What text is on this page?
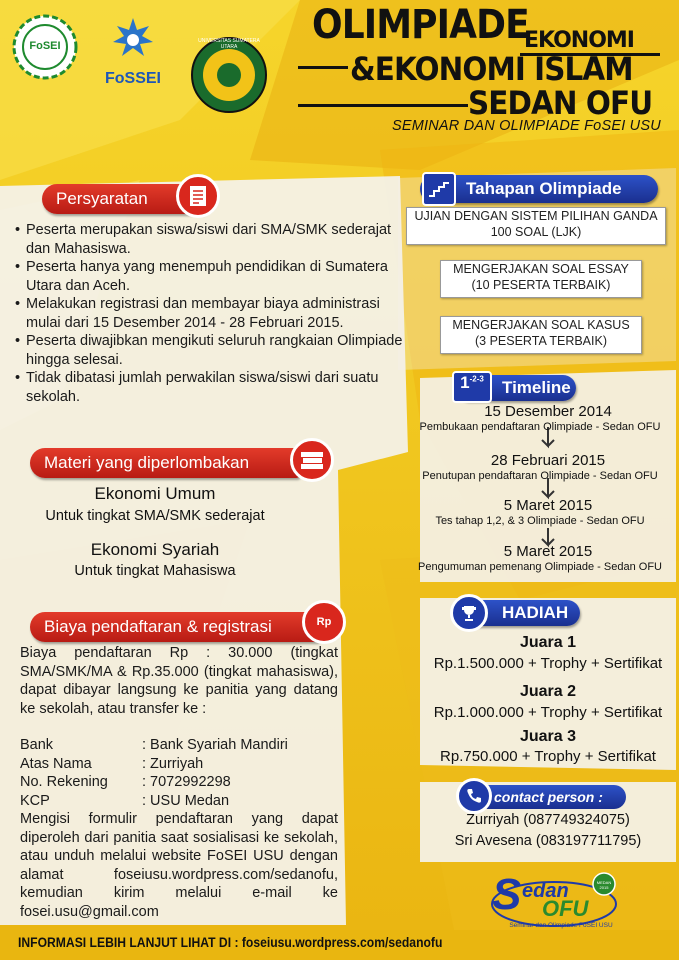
FoSEI
FoSSEI
UNIVERSITAS SUMATERA UTARA	OLIMPIADE
EKONOMI
&EKONOMI ISLAM
SEDAN OFU
SEMINAR DAN OLIMPIADE FoSEI USU
Persyaratan
• Peserta merupakan siswa/siswi dari SMA/SMK sederajat dan Mahasiswa.
• Peserta hanya yang menempuh pendidikan di Sumatera Utara dan Aceh.
• Melakukan registrasi dan membayar biaya administrasi mulai dari 15 Desember 2014 - 28 Februari 2015.
• Peserta diwajibkan mengikuti seluruh rangkaian Olimpiade hingga selesai.
• Tidak dibatasi jumlah perwakilan siswa/siswi dari suatu sekolah.
Materi yang diperlombakan
Ekonomi Umum
Untuk tingkat SMA/SMK sederajat
Ekonomi Syariah
Untuk tingkat Mahasiswa
Biaya pendaftaran & registrasi	Rp
Biaya pendaftaran Rp : 30.000 (tingkat SMA/SMK/MA & Rp.35.000 (tingkat mahasiswa), dapat dibayar langsung ke panitia yang datang ke sekolah, atau transfer ke :
Bank	: Bank Syariah Mandiri
Atas Nama	: Zurriyah
No. Rekening	: 7072992298
KCP	: USU Medan
Mengisi formulir pendaftaran yang dapat diperoleh dari panitia saat sosialisasi ke sekolah, atau unduh melalui website FoSEI USU dengan alamat foseiusu.wordpress.com/sedanofu, kemudian kirim melalui e-mail ke fosei.usu@gmail.com
Tahapan Olimpiade
UJIAN DENGAN SISTEM PILIHAN GANDA
100 SOAL (LJK)
MENGERJAKAN SOAL ESSAY
(10 PESERTA TERBAIK)
MENGERJAKAN SOAL KASUS
(3 PESERTA TERBAIK)
Timeline
$1^{-2-3}$
15 Desember 2014
Pembukaan pendaftaran Olimpiade - Sedan OFU
28 Februari 2015
Penutupan pendaftaran Olimpiade - Sedan OFU
5 Maret 2015
Tes tahap 1,2, & 3 Olimpiade - Sedan OFU
5 Maret 2015
Pengumuman pemenang Olimpiade - Sedan OFU
HADIAH
Juara 1
Rp.1.500.000 + Trophy + Sertifikat
Juara 2
Rp.1.000.000 + Trophy + Sertifikat
Juara 3
Rp.750.000 + Trophy + Sertifikat
contact person :
Zurriyah (087749324075)
Sri Avesena (083197711795)
S edan
OFU
MEDAN 2015
Seminar dan Olimpiade FoSEI USU
INFORMASI LEBIH LANJUT LIHAT DI : foseiusu.wordpress.com/sedanofu
